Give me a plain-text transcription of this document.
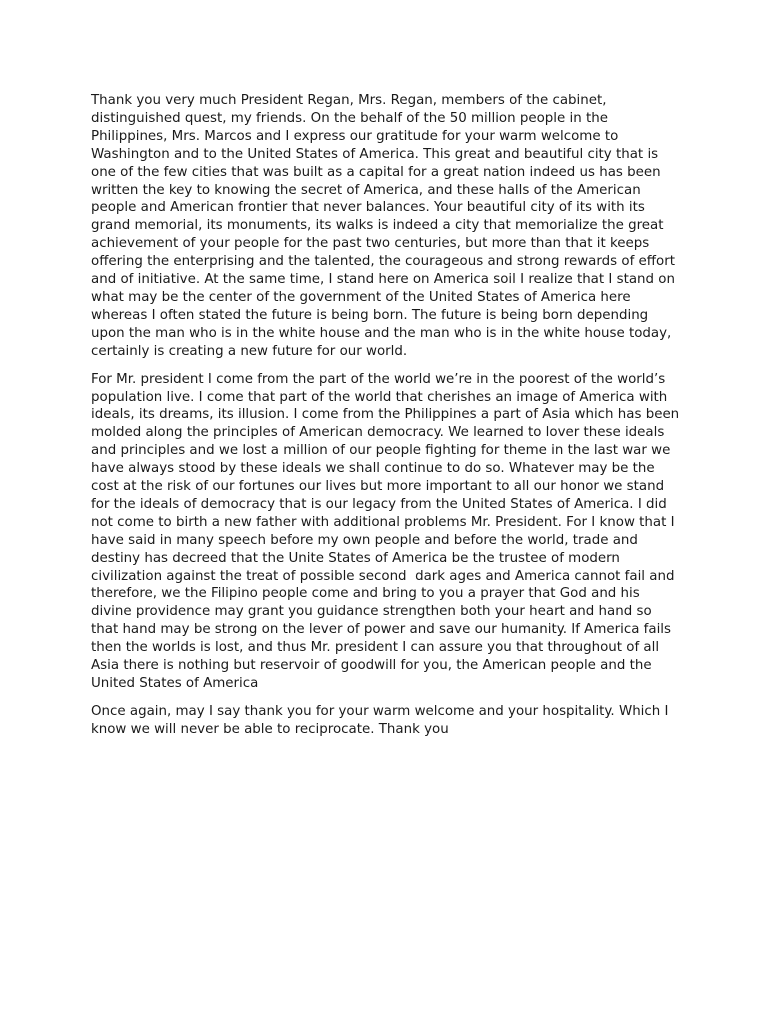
Thank you very much President Regan, Mrs. Regan, members of the cabinet, distinguished quest, my friends. On the behalf of the 50 million people in the Philippines, Mrs. Marcos and I express our gratitude for your warm welcome to Washington and to the United States of America. This great and beautiful city that is one of the few cities that was built as a capital for a great nation indeed us has been written the key to knowing the secret of America, and these halls of the American people and American frontier that never balances. Your beautiful city of its with its grand memorial, its monuments, its walks is indeed a city that memorialize the great achievement of your people for the past two centuries, but more than that it keeps offering the enterprising and the talented, the courageous and strong rewards of effort and of initiative. At the same time, I stand here on America soil I realize that I stand on what may be the center of the government of the United States of America here whereas I often stated the future is being born. The future is being born depending upon the man who is in the white house and the man who is in the white house today, certainly is creating a new future for our world.

For Mr. president I come from the part of the world we’re in the poorest of the world’s population live. I come that part of the world that cherishes an image of America with ideals, its dreams, its illusion. I come from the Philippines a part of Asia which has been molded along the principles of American democracy. We learned to lover these ideals and principles and we lost a million of our people fighting for theme in the last war we have always stood by these ideals we shall continue to do so. Whatever may be the cost at the risk of our fortunes our lives but more important to all our honor we stand for the ideals of democracy that is our legacy from the United States of America. I did not come to birth a new father with additional problems Mr. President. For I know that I have said in many speech before my own people and before the world, trade and destiny has decreed that the Unite States of America be the trustee of modern civilization against the treat of possible second  dark ages and America cannot fail and therefore, we the Filipino people come and bring to you a prayer that God and his divine providence may grant you guidance strengthen both your heart and hand so that hand may be strong on the lever of power and save our humanity. If America fails then the worlds is lost, and thus Mr. president I can assure you that throughout of all Asia there is nothing but reservoir of goodwill for you, the American people and the United States of America

Once again, may I say thank you for your warm welcome and your hospitality. Which I know we will never be able to reciprocate. Thank you
